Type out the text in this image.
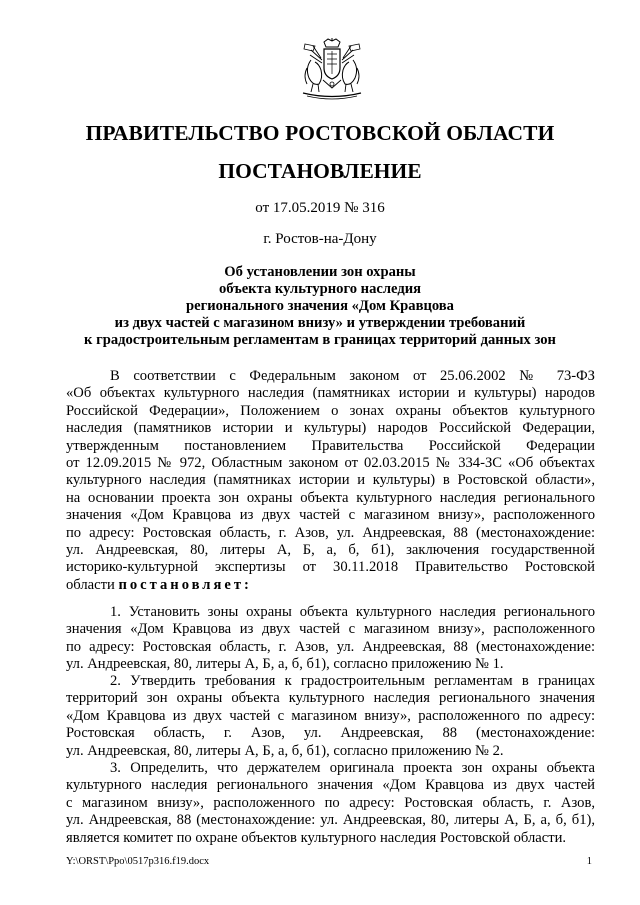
ПРАВИТЕЛЬСТВО РОСТОВСКОЙ ОБЛАСТИ
ПОСТАНОВЛЕНИЕ
от 17.05.2019 № 316
г. Ростов-на-Дону
Об установлении зон охраны
объекта культурного наследия
регионального значения «Дом Кравцова
из двух частей с магазином внизу» и утверждении требований
к градостроительным регламентам в границах территорий данных зон
В соответствии с Федеральным законом от 25.06.2002 № 73-ФЗ
«Об объектах культурного наследия (памятниках истории и культуры) народов
Российской Федерации», Положением о зонах охраны объектов культурного
наследия (памятников истории и культуры) народов Российской Федерации,
утвержденным постановлением Правительства Российской Федерации
от 12.09.2015 № 972, Областным законом от 02.03.2015 № 334-ЗС «Об объектах
культурного наследия (памятниках истории и культуры) в Ростовской области»,
на основании проекта зон охраны объекта культурного наследия регионального
значения «Дом Кравцова из двух частей с магазином внизу», расположенного
по адресу: Ростовская область, г. Азов, ул. Андреевская, 88 (местонахождение:
ул. Андреевская, 80, литеры А, Б, а, б, б1), заключения государственной
историко-культурной экспертизы от 30.11.2018 Правительство Ростовской
области постановляет:
1. Установить зоны охраны объекта культурного наследия регионального
значения «Дом Кравцова из двух частей с магазином внизу», расположенного
по адресу: Ростовская область, г. Азов, ул. Андреевская, 88 (местонахождение:
ул. Андреевская, 80, литеры А, Б, а, б, б1), согласно приложению № 1.
2. Утвердить требования к градостроительным регламентам в границах
территорий зон охраны объекта культурного наследия регионального значения
«Дом Кравцова из двух частей с магазином внизу», расположенного по адресу:
Ростовская область, г. Азов, ул. Андреевская, 88 (местонахождение:
ул. Андреевская, 80, литеры А, Б, а, б, б1), согласно приложению № 2.
3. Определить, что держателем оригинала проекта зон охраны объекта
культурного наследия регионального значения «Дом Кравцова из двух частей
с магазином внизу», расположенного по адресу: Ростовская область, г. Азов,
ул. Андреевская, 88 (местонахождение: ул. Андреевская, 80, литеры А, Б, а, б, б1),
является комитет по охране объектов культурного наследия Ростовской области.
Y:\ORST\Ppo\0517p316.f19.docx	1
